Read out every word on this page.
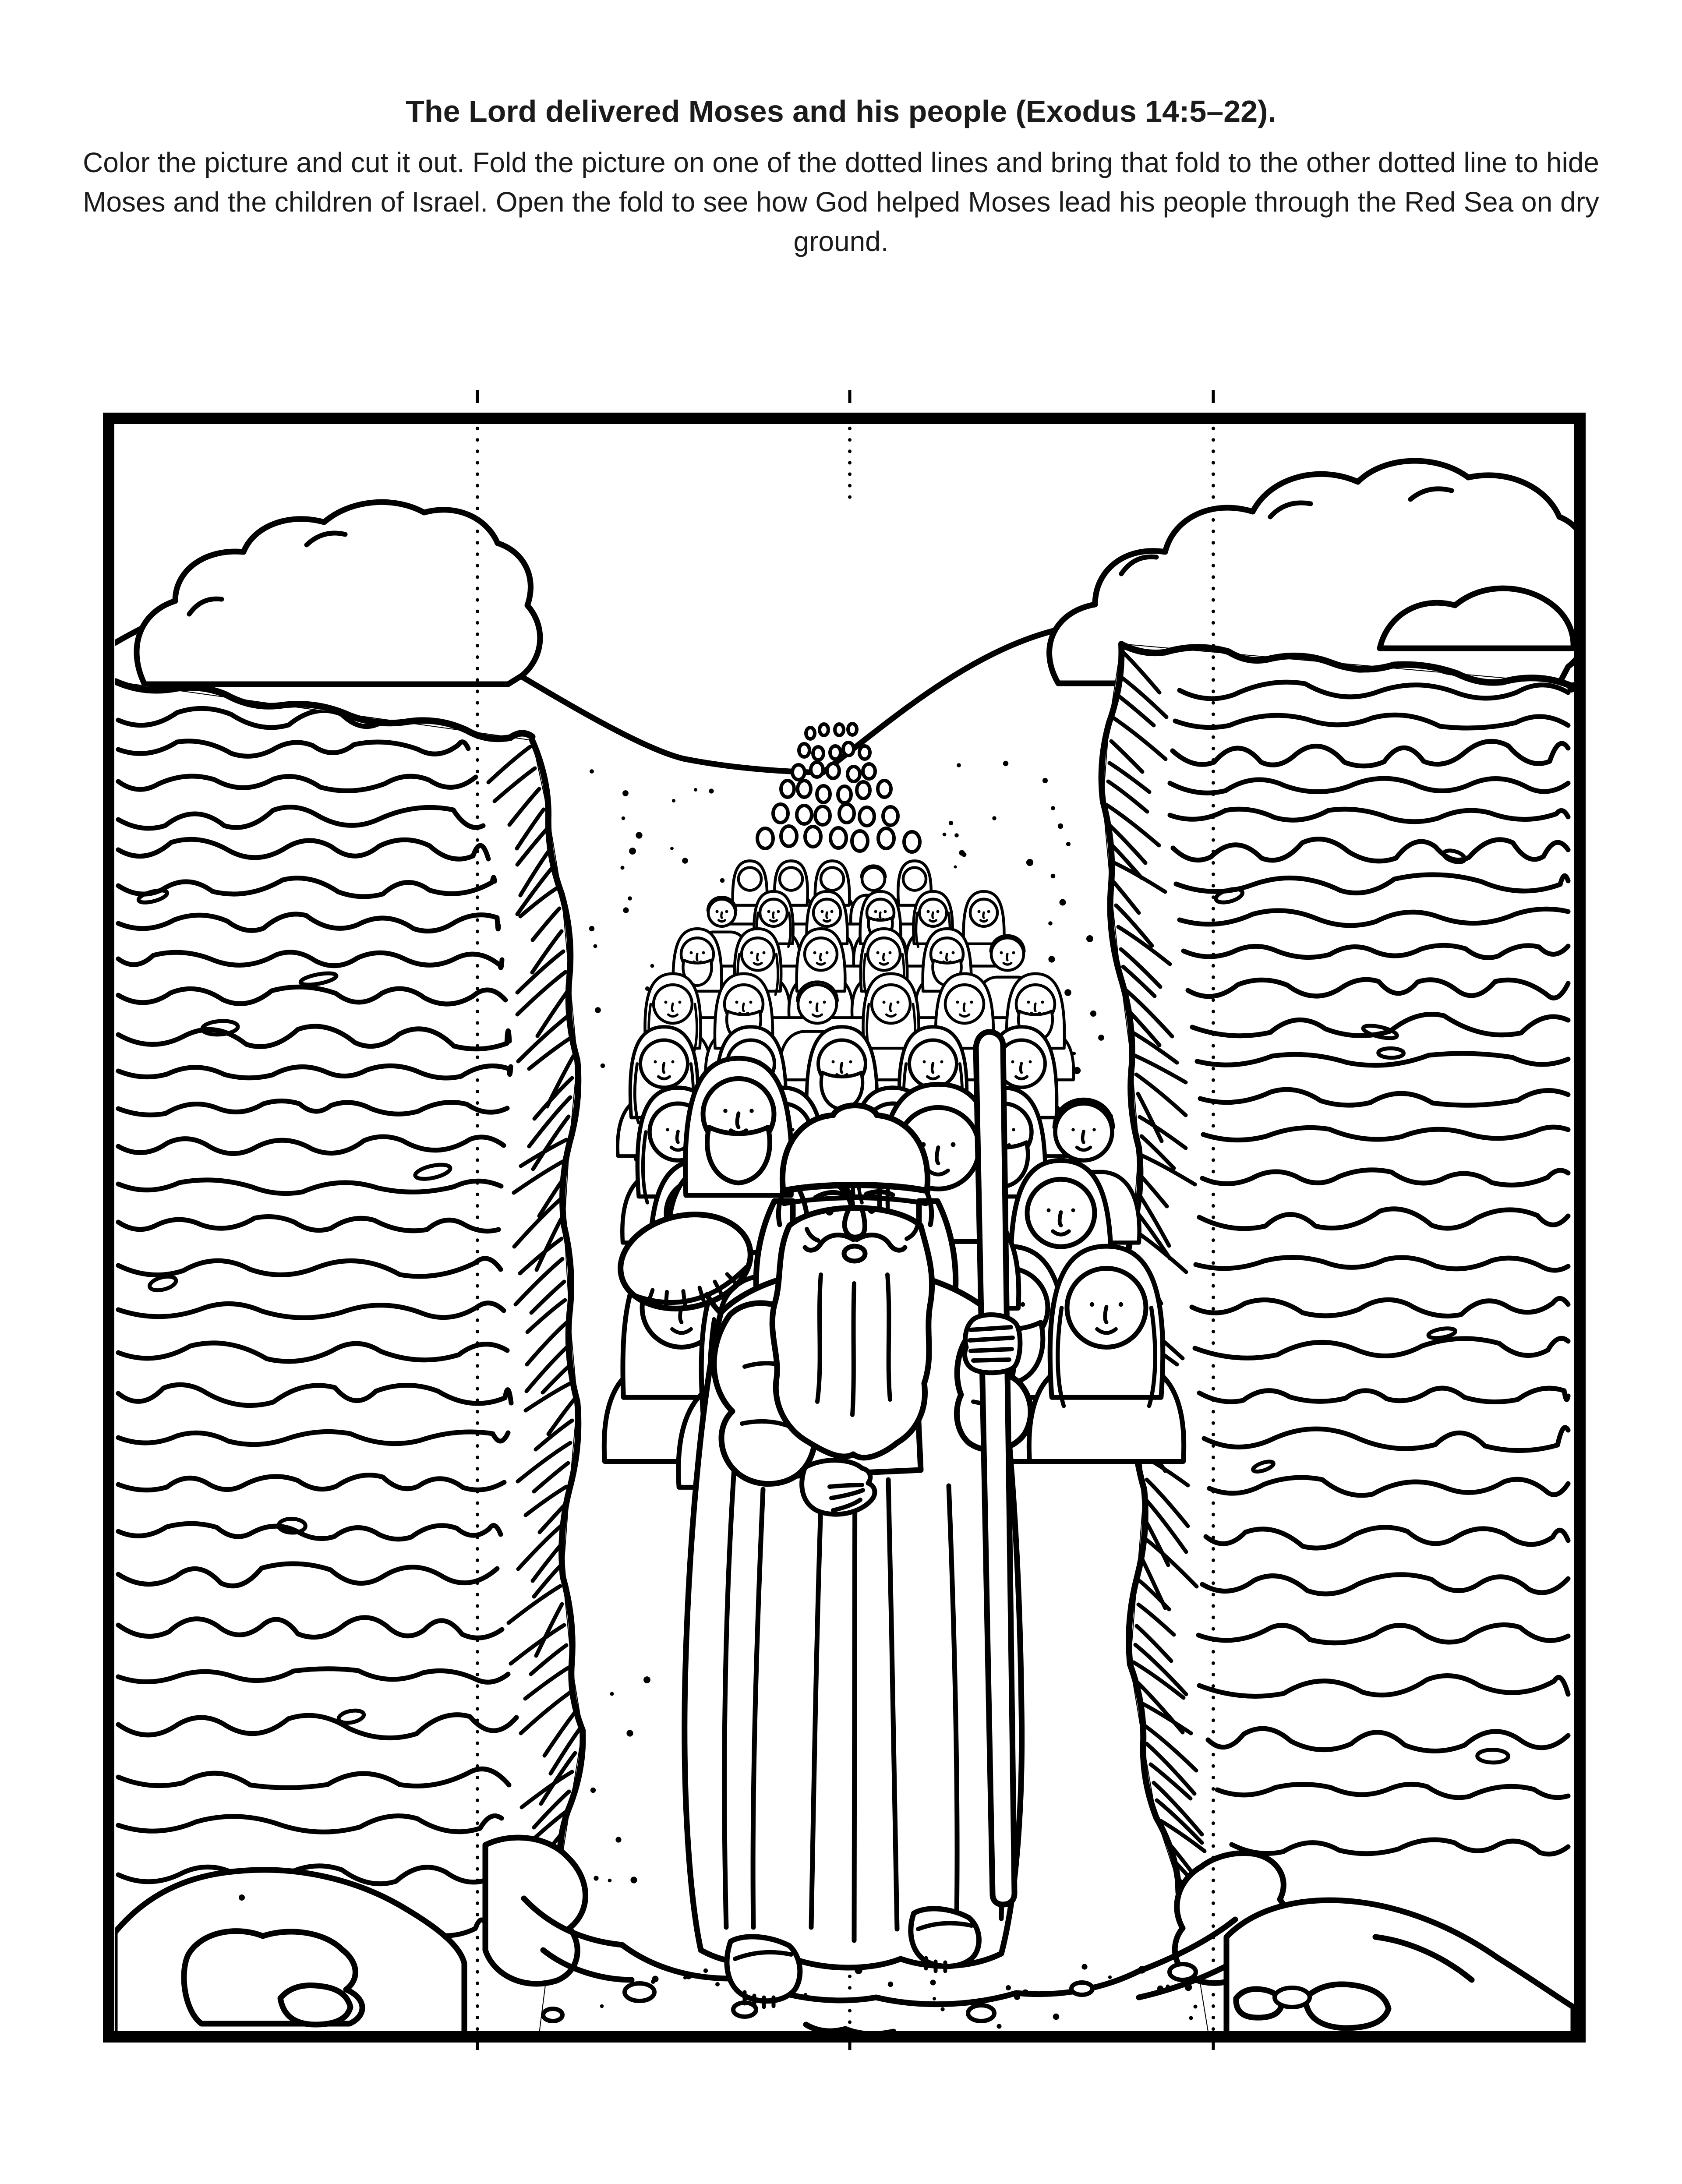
The Lord delivered Moses and his people (Exodus 14:5–22).
Color the picture and cut it out. Fold the picture on one of the dotted lines and bring that fold to the other dotted line to hide Moses and the children of Israel. Open the fold to see how God helped Moses lead his people through the Red Sea on dry ground.
